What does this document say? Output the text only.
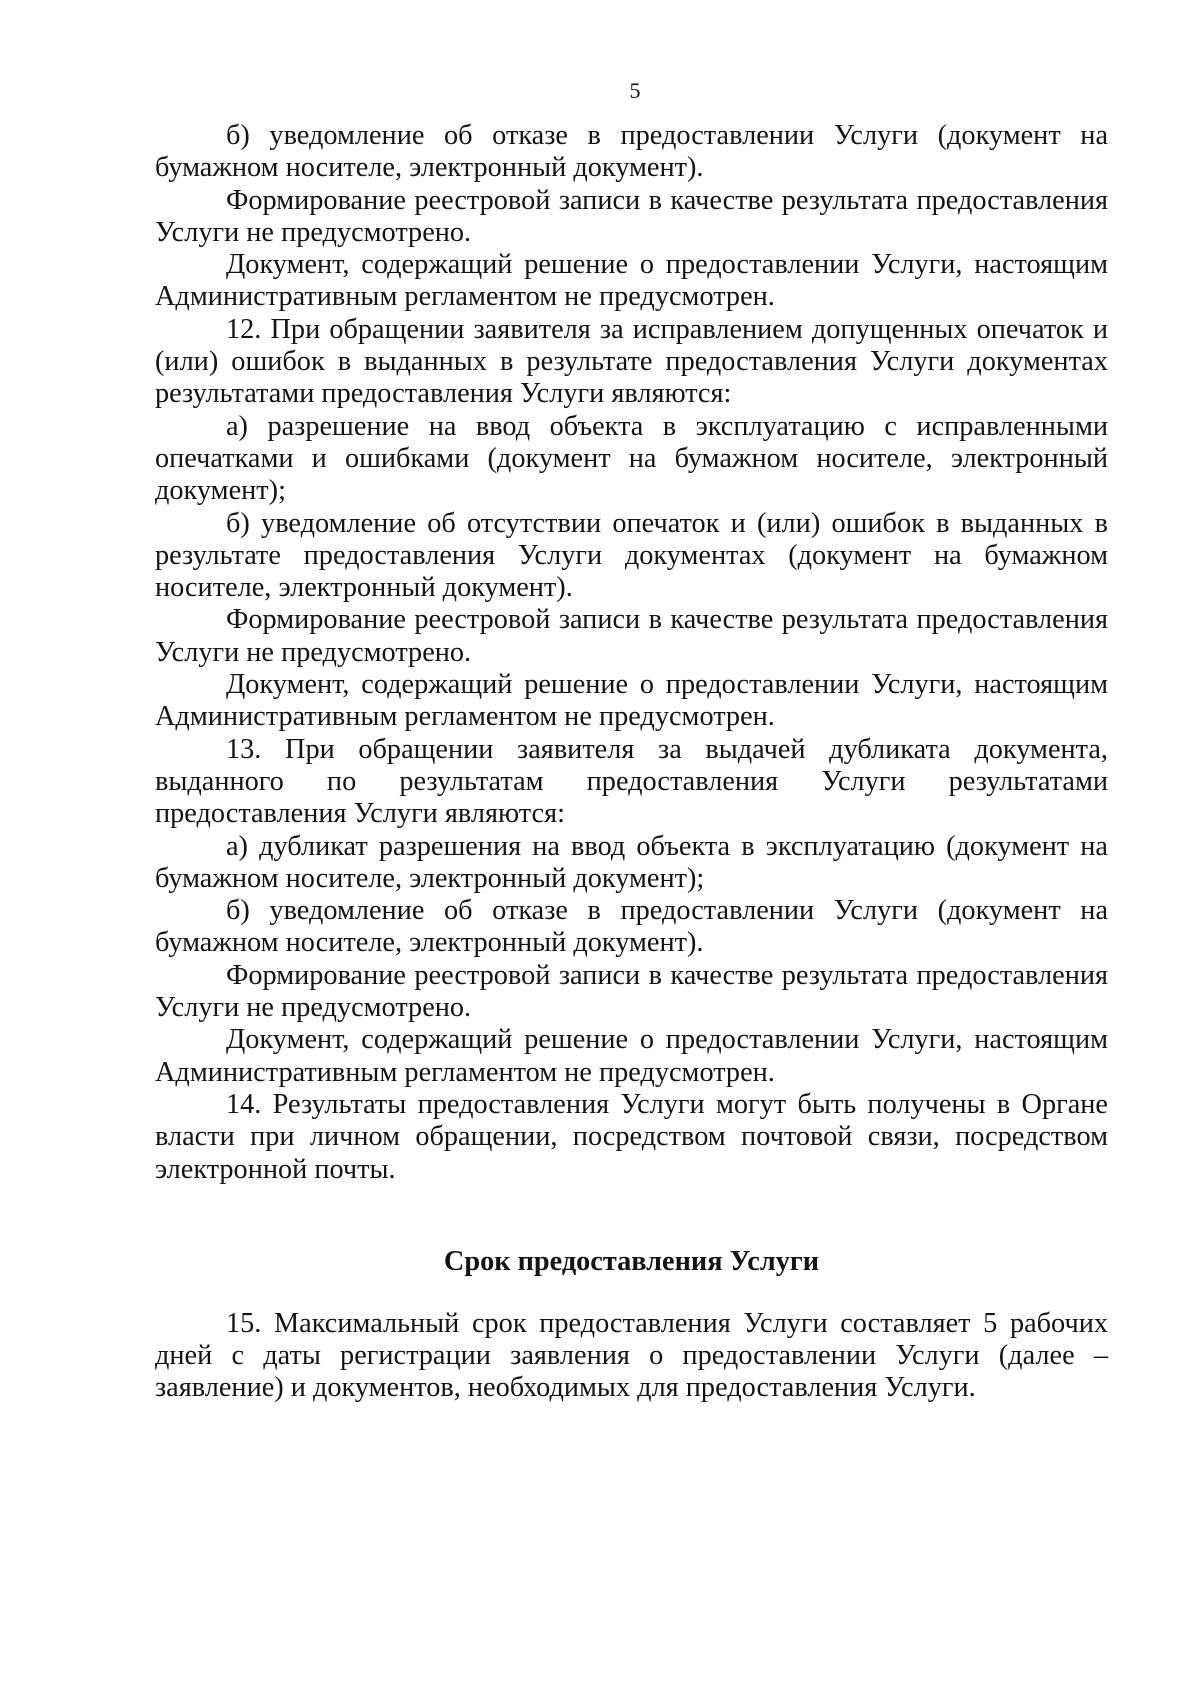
5

б) уведомление об отказе в предоставлении Услуги (документ на бумажном носителе, электронный документ).

Формирование реестровой записи в качестве результата предоставления Услуги не предусмотрено.

Документ, содержащий решение о предоставлении Услуги, настоящим Административным регламентом не предусмотрен.

12. При обращении заявителя за исправлением допущенных опечаток и (или) ошибок в выданных в результате предоставления Услуги документах результатами предоставления Услуги являются:

а) разрешение на ввод объекта в эксплуатацию с исправленными опечатками и ошибками (документ на бумажном носителе, электронный документ);

б) уведомление об отсутствии опечаток и (или) ошибок в выданных в результате предоставления Услуги документах (документ на бумажном носителе, электронный документ).

Формирование реестровой записи в качестве результата предоставления Услуги не предусмотрено.

Документ, содержащий решение о предоставлении Услуги, настоящим Административным регламентом не предусмотрен.

13. При обращении заявителя за выдачей дубликата документа, выданного по результатам предоставления Услуги результатами предоставления Услуги являются:

а) дубликат разрешения на ввод объекта в эксплуатацию (документ на бумажном носителе, электронный документ);

б) уведомление об отказе в предоставлении Услуги (документ на бумажном носителе, электронный документ).

Формирование реестровой записи в качестве результата предоставления Услуги не предусмотрено.

Документ, содержащий решение о предоставлении Услуги, настоящим Административным регламентом не предусмотрен.

14. Результаты предоставления Услуги могут быть получены в Органе власти при личном обращении, посредством почтовой связи, посредством электронной почты.

Срок предоставления Услуги

15. Максимальный срок предоставления Услуги составляет 5 рабочих дней с даты регистрации заявления о предоставлении Услуги (далее – заявление) и документов, необходимых для предоставления Услуги.
